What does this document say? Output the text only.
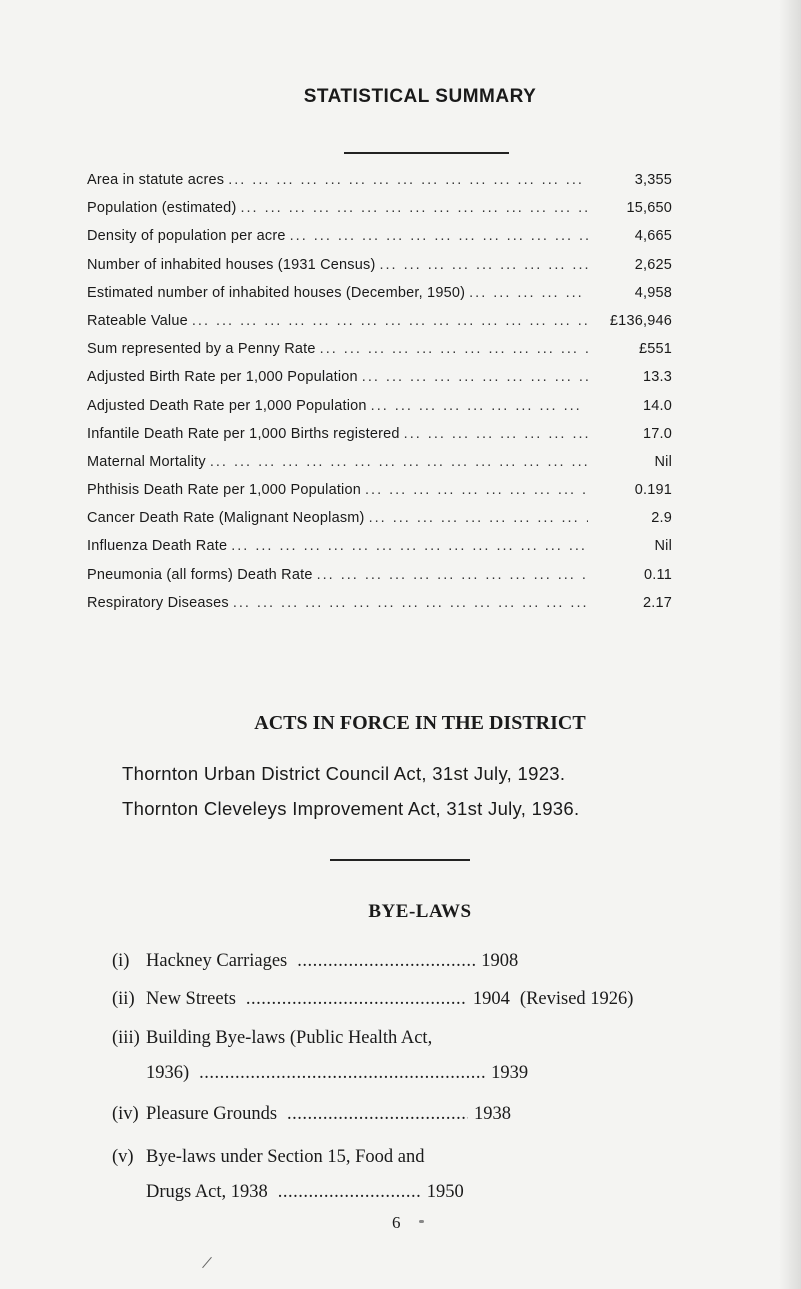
STATISTICAL SUMMARY
Area in statute acres ... .	3,355
Population (estimated) ... .	15,650
Density of population per acre ... .	4,665
Number of inhabited houses (1931 Census) ... .	2,625
Estimated number of inhabited houses (December, 1950) ... .	4,958
Rateable Value ... .	£136,946
Sum represented by a Penny Rate ... .	£551
Adjusted Birth Rate per 1,000 Population ... .	13.3
Adjusted Death Rate per 1,000 Population ... .	14.0
Infantile Death Rate per 1,000 Births registered ... .	17.0
Maternal Mortality ... .	Nil
Phthisis Death Rate per 1,000 Population ... .	0.191
Cancer Death Rate (Malignant Neoplasm) ... .	2.9
Influenza Death Rate ... .	Nil
Pneumonia (all forms) Death Rate ... .	0.11
Respiratory Diseases ... .	2.17
ACTS IN FORCE IN THE DISTRICT
Thornton Urban District Council Act, 31st July, 1923.
Thornton Cleveleys Improvement Act, 31st July, 1936.
BYE-LAWS
(i) Hackney Carriages .....	1908
(ii) New Streets .....	1904 (Revised 1926)
(iii) Building Bye-laws (Public Health Act,
1936) .....	1939
(iv) Pleasure Grounds .....	1938
(v) Bye-laws under Section 15, Food and
Drugs Act, 1938 .....	1950
6
